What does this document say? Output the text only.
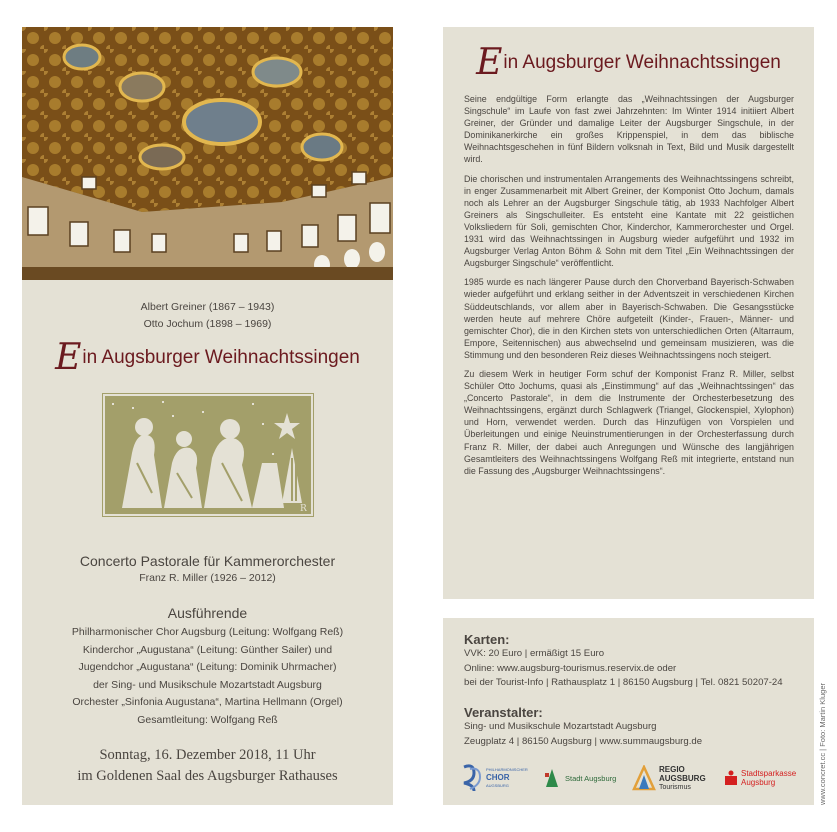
Albert Greiner (1867 – 1943)
Otto Jochum (1898 – 1969)
Ein Augsburger Weihnachtssingen
R
Concerto Pastorale für Kammerorchester
Franz R. Miller (1926 – 2012)
Ausführende
Philharmonischer Chor Augsburg (Leitung: Wolfgang Reß)
Kinderchor „Augustana“ (Leitung: Günther Sailer) und
Jugendchor „Augustana“ (Leitung: Dominik Uhrmacher)
der Sing- und Musikschule Mozartstadt Augsburg
Orchester „Sinfonia Augustana“, Martina Hellmann (Orgel)
Gesamtleitung: Wolfgang Reß
Sonntag, 16. Dezember 2018, 11 Uhr
im Goldenen Saal des Augsburger Rathauses
Ein Augsburger Weihnachtssingen

Seine endgültige Form erlangte das „Weihnachtssingen der Augsburger Singschule“ im Laufe von fast zwei Jahrzehnten: Im Winter 1914 initiiert Albert Greiner, der Gründer und damalige Leiter der Augsburger Singschule, in der Dominikanerkirche ein großes Krippenspiel, in dem das biblische Weihnachtsgeschehen in fünf Bildern volksnah in Text, Bild und Musik dargestellt wird.

Die chorischen und instrumentalen Arrangements des Weihnachtssingens schreibt, in enger Zusammenarbeit mit Albert Greiner, der Komponist Otto Jochum, damals noch als Lehrer an der Augsburger Singschule tätig, ab 1933 Nachfolger Albert Greiners als Singschulleiter. Es entsteht eine Kantate mit 22 geistlichen Volksliedern für Soli, gemischten Chor, Kinderchor, Kammerorchester und Orgel. 1931 wird das Weihnachtssingen in Augsburg wieder aufgeführt und 1932 im Augsburger Verlag Anton Böhm & Sohn mit dem Titel „Ein Weihnachtssingen der Augsburger Singschule“ veröffentlicht.

1985 wurde es nach längerer Pause durch den Chorverband Bayerisch-Schwaben wieder aufgeführt und erklang seither in der Adventszeit in verschiedenen Kirchen Süddeutschlands, vor allem aber in Bayerisch-Schwaben. Die Gesangsstücke werden heute auf mehrere Chöre aufgeteilt (Kinder-, Frauen-, Männer- und gemischter Chor), die in den Kirchen stets von unterschiedlichen Orten (Altarraum, Empore, Seitennischen) aus abwechselnd und gemeinsam musizieren, was die Stimmung und den besonderen Reiz dieses Weihnachtssingens noch steigert.

Zu diesem Werk in heutiger Form schuf der Komponist Franz R. Miller, selbst Schüler Otto Jochums, quasi als „Einstimmung“ auf das „Weihnachtssingen“ das „Concerto Pastorale“, in dem die Instrumente der Orchesterbesetzung des Weihnachtssingens, ergänzt durch Schlagwerk (Triangel, Glockenspiel, Xylophon) und Horn, verwendet werden. Durch das Hinzufügen von Vorspielen und Überleitungen und einige Neuinstrumentierungen in der Orchesterfassung durch Franz R. Miller, der dabei auch Anregungen und Wünsche des langjährigen Gesamtleiters des Weihnachtssingens Wolfgang Reß mit integrierte, entstand nun die Fassung des „Augsburger Weihnachtssingens“.

Karten:
VVK: 20 Euro | ermäßigt 15 Euro
Online: www.augsburg-tourismus.reservix.de oder
bei der Tourist-Info | Rathausplatz 1 | 86150 Augsburg | Tel. 0821 50207-24
Veranstalter:
Sing- und Musikschule Mozartstadt Augsburg
Zeugplatz 4 | 86150 Augsburg | www.summaugsburg.de
PHILHARMONISCHER
CHOR
AUGSBURG
Stadt Augsburg
REGIO
AUGSBURG
Tourismus
Stadtsparkasse
Augsburg	www.concret.cc | Foto: Martin Kluger
